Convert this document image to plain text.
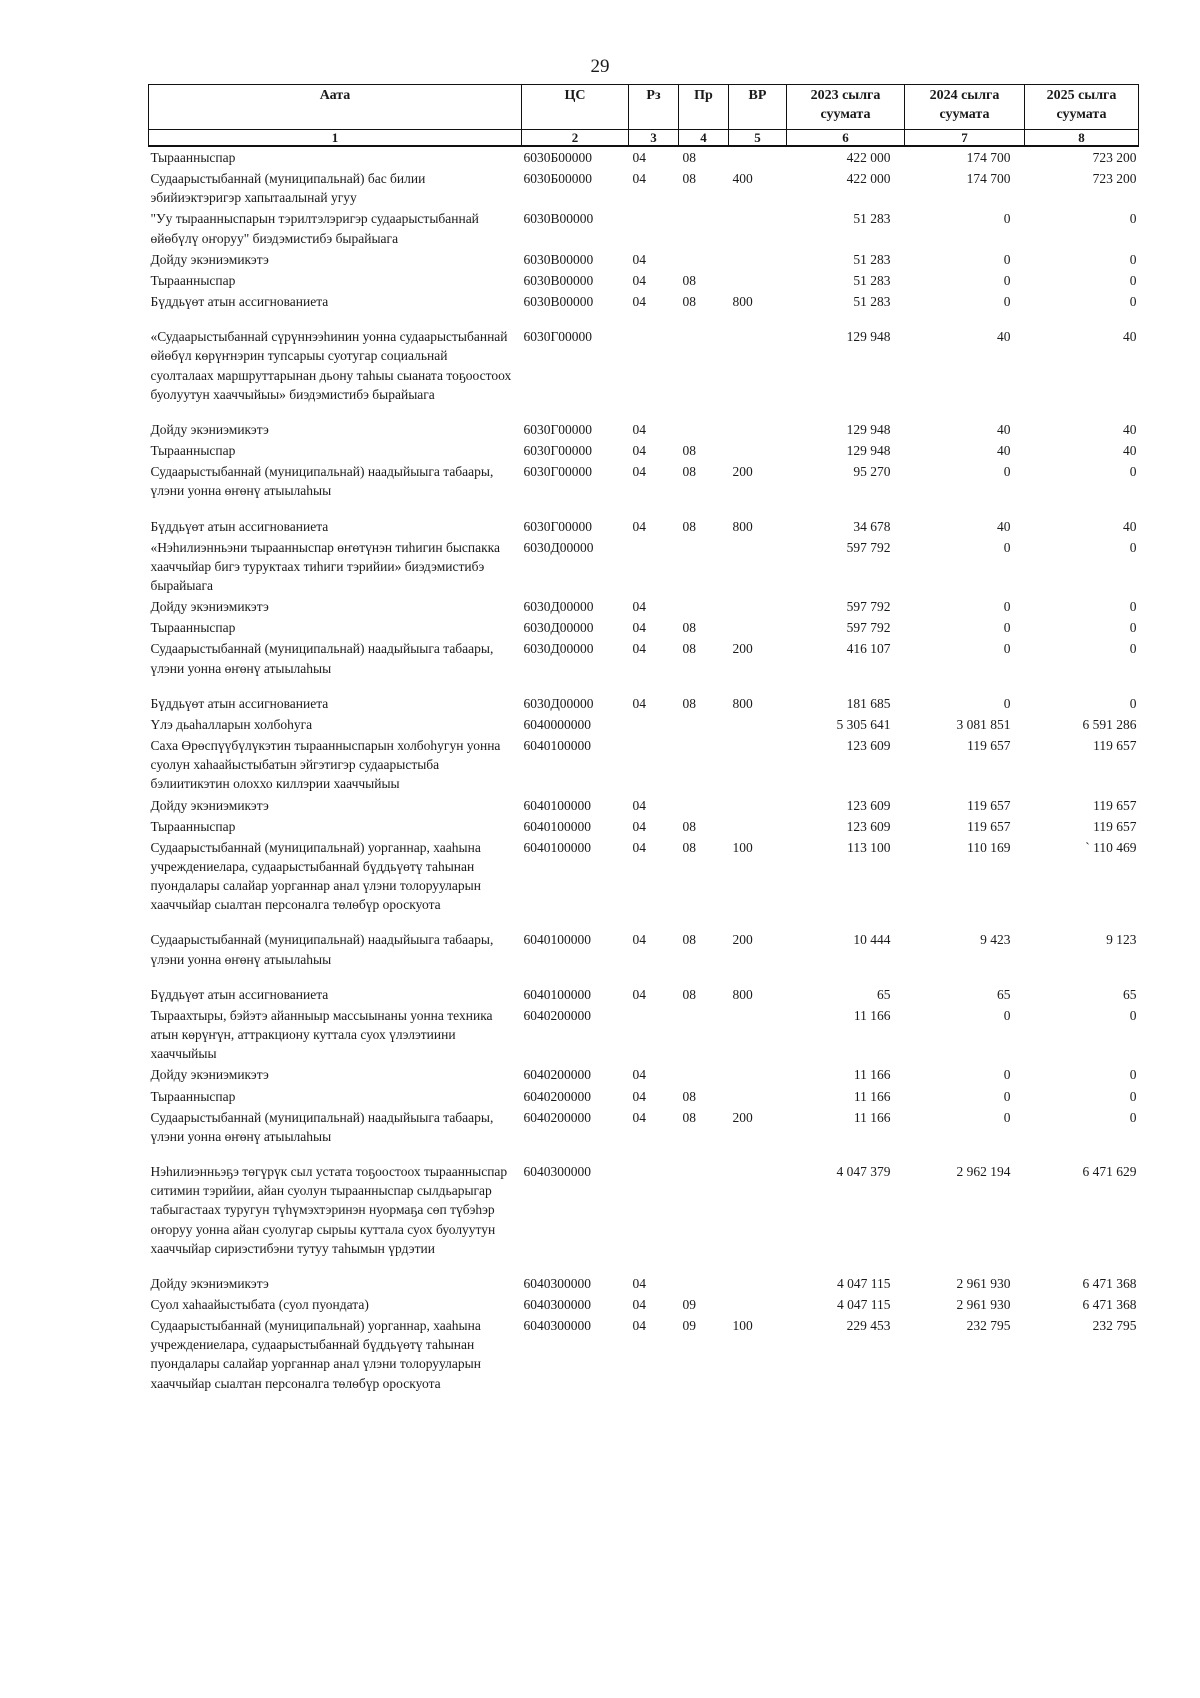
29
Аата	ЦС	Рз	Пр	ВР	2023 сылга суумата	2024 сылга суумата	2025 сылга суумата
1	2	3	4	5	6	7	8
Тыраанныспар	6030Б00000	04	08		422 000	174 700	723 200
Судаарыстыбаннай (муниципальнай) бас билии эбийиэктэригэр хапытаалынай угуу	6030Б00000	04	08	400	422 000	174 700	723 200
"Уу тыраанныспарын тэрилтэлэригэр судаарыстыбаннай өйөбүлү оҥоруу" биэдэмистибэ бырайыага	6030В00000				51 283	0	0
Дойду экэниэмикэтэ	6030В00000	04			51 283	0	0
Тыраанныспар	6030В00000	04	08		51 283	0	0
Бүддьүөт атын ассигнованиета	6030В00000	04	08	800	51 283	0	0

«Судаарыстыбаннай сүрүннээһинин уонна судаарыстыбаннай өйөбүл көрүҥнэрин тупсарыы суотугар социальнай суолталаах маршруттарынан дьону таһыы сыаната тоҕоостоох буолуутун хааччыйыы» биэдэмистибэ бырайыага	6030Г00000				129 948	40	40

Дойду экэниэмикэтэ	6030Г00000	04			129 948	40	40
Тыраанныспар	6030Г00000	04	08		129 948	40	40
Судаарыстыбаннай (муниципальнай) наадыйыыга табаары, үлэни уонна өҥөнү атыылаһыы	6030Г00000	04	08	200	95 270	0	0

Бүддьүөт атын ассигнованиета	6030Г00000	04	08	800	34 678	40	40
«Нэһилиэнньэни тыраанныспар өҥөтүнэн тиһигин быспакка хааччыйар бигэ туруктаах тиһиги тэрийии» биэдэмистибэ бырайыага	6030Д00000				597 792	0	0
Дойду экэниэмикэтэ	6030Д00000	04			597 792	0	0
Тыраанныспар	6030Д00000	04	08		597 792	0	0
Судаарыстыбаннай (муниципальнай) наадыйыыга табаары, үлэни уонна өҥөнү атыылаһыы	6030Д00000	04	08	200	416 107	0	0

Бүддьүөт атын ассигнованиета	6030Д00000	04	08	800	181 685	0	0
Үлэ дьаһалларын холбоһуга	6040000000				5 305 641	3 081 851	6 591 286
Саха Өрөспүүбүлүкэтин тыраанныспарын холбоһугун уонна суолун хаһаайыстыбатын эйгэтигэр судаарыстыба бэлиитикэтин олоххо киллэрии хааччыйыы	6040100000				123 609	119 657	119 657
Дойду экэниэмикэтэ	6040100000	04			123 609	119 657	119 657
Тыраанныспар	6040100000	04	08		123 609	119 657	119 657
Судаарыстыбаннай (муниципальнай) уорганнар, хааһына учреждениелара, судаарыстыбаннай бүддьүөтү таһынан пуондалары салайар уорганнар анал үлэни толорууларын хааччыйар сыалтан персоналга төлөбүр ороскуота	6040100000	04	08	100	113 100	110 169	` 110 469

Судаарыстыбаннай (муниципальнай) наадыйыыга табаары, үлэни уонна өҥөнү атыылаһыы	6040100000	04	08	200	10 444	9 423	9 123

Бүддьүөт атын ассигнованиета	6040100000	04	08	800	65	65	65
Тыраахтыры, бэйэтэ айанныыр массыынаны уонна техника атын көрүҥүн, аттракциону куттала суох үлэлэтиини хааччыйыы	6040200000				11 166	0	0
Дойду экэниэмикэтэ	6040200000	04			11 166	0	0
Тыраанныспар	6040200000	04	08		11 166	0	0
Судаарыстыбаннай (муниципальнай) наадыйыыга табаары, үлэни уонна өҥөнү атыылаһыы	6040200000	04	08	200	11 166	0	0

Нэһилиэнньэҕэ төгүрүк сыл устата тоҕоостоох тыраанныспар ситимин тэрийии, айан суолун тыраанныспар сылдьарыгар табыгастаах туругун түһүмэхтэринэн нуормаҕа сөп түбэһэр оҥоруу уонна айан суолугар сырыы куттала суох буолуутун хааччыйар сириэстибэни тутуу таһымын үрдэтии	6040300000				4 047 379	2 962 194	6 471 629

Дойду экэниэмикэтэ	6040300000	04			4 047 115	2 961 930	6 471 368
Суол хаһаайыстыбата (суол пуондата)	6040300000	04	09		4 047 115	2 961 930	6 471 368
Судаарыстыбаннай (муниципальнай) уорганнар, хааһына учреждениелара, судаарыстыбаннай бүддьүөтү таһынан пуондалары салайар уорганнар анал үлэни толорууларын хааччыйар сыалтан персоналга төлөбүр ороскуота	6040300000	04	09	100	229 453	232 795	232 795
